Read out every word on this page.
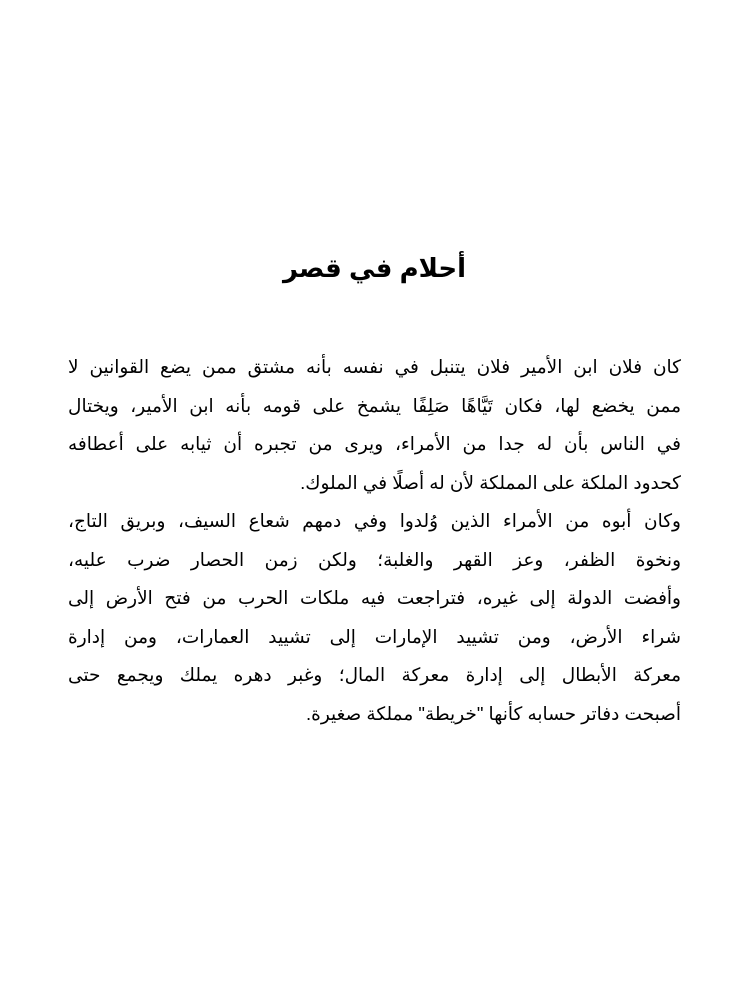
أحلام في قصر

كان فلان ابن الأمير فلان يتنبل في نفسه بأنه مشتق ممن يضع القوانين لا
ممن يخضع لها، فكان تَيَّاهًا صَلِفًا يشمخ على قومه بأنه ابن الأمير، ويختال
في الناس بأن له جدا من الأمراء، ويرى من تجبره أن ثيابه على أعطافه
كحدود الملكة على المملكة لأن له أصلًا في الملوك.

وكان أبوه من الأمراء الذين وُلدوا وفي دمهم شعاع السيف، وبريق التاج،
ونخوة الظفر، وعز القهر والغلبة؛ ولكن زمن الحصار ضرب عليه،
وأفضت الدولة إلى غيره، فتراجعت فيه ملكات الحرب من فتح الأرض إلى
شراء الأرض، ومن تشييد الإمارات إلى تشييد العمارات، ومن إدارة
معركة الأبطال إلى إدارة معركة المال؛ وغبر دهره يملك ويجمع حتى
أصبحت دفاتر حسابه كأنها "خريطة" مملكة صغيرة.
